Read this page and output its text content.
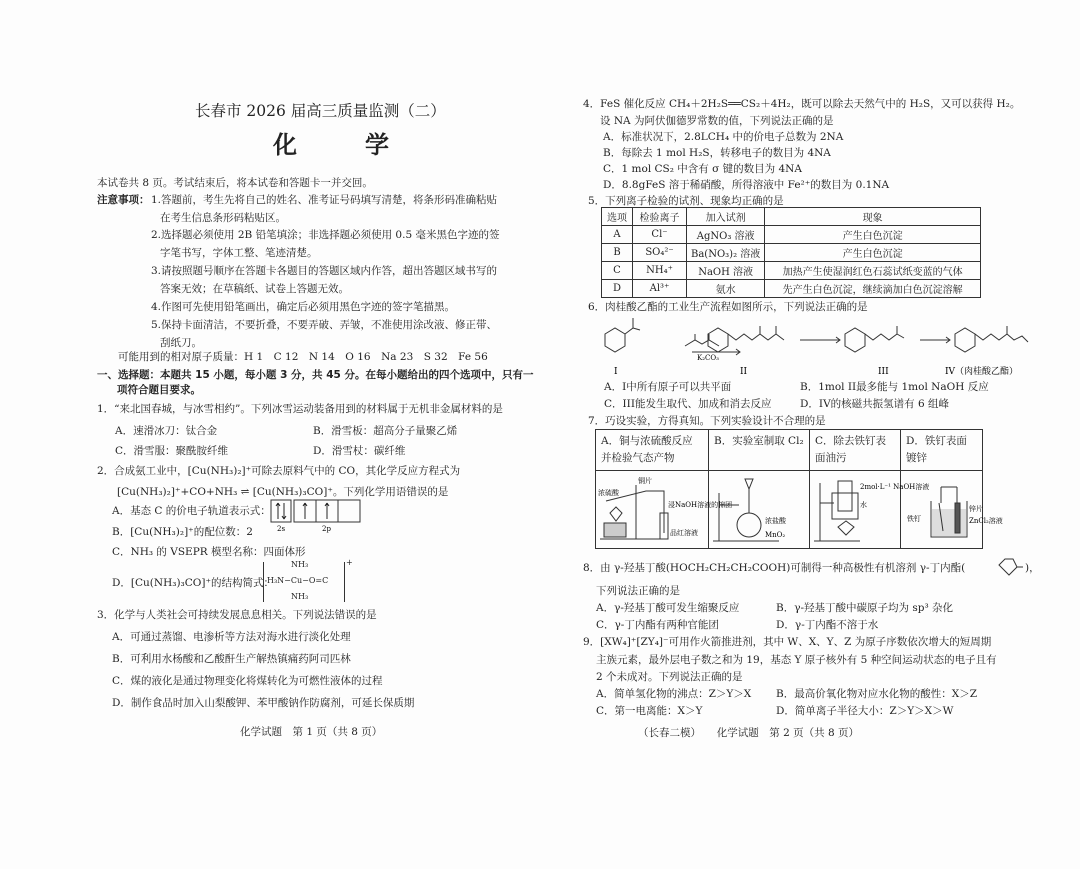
长春市 2026 届高三质量监测（二）
化　学
本试卷共 8 页。考试结束后，将本试卷和答题卡一并交回。
注意事项： 1.答题前，考生先将自己的姓名、准考证号码填写清楚，将条形码准确粘贴
在考生信息条形码粘贴区。
2.选择题必须使用 2B 铅笔填涂；非选择题必须使用 0.5 毫米黑色字迹的签
字笔书写，字体工整、笔迹清楚。
3.请按照题号顺序在答题卡各题目的答题区域内作答，超出答题区域书写的
答案无效；在草稿纸、试卷上答题无效。
4.作图可先使用铅笔画出，确定后必须用黑色字迹的签字笔描黑。
5.保持卡面清洁，不要折叠，不要弄破、弄皱，不准使用涂改液、修正带、
刮纸刀。
可能用到的相对原子质量：H 1　C 12　N 14　O 16　Na 23　S 32　Fe 56
一、选择题：本题共 15 小题，每小题 3 分，共 45 分。在每小题给出的四个选项中，只有一
项符合题目要求。
1．“来北国春城，与冰雪相约”。下列冰雪运动装备用到的材料属于无机非金属材料的是
A．速滑冰刀：钛合金	B．滑雪板：超高分子量聚乙烯
C．滑雪服：聚酰胺纤维	D．滑雪杖：碳纤维
2．合成氨工业中，[Cu(NH₃)₂]⁺可除去原料气中的 CO，其化学反应方程式为
[Cu(NH₃)₂]⁺+CO+NH₃ ⇌ [Cu(NH₃)₃CO]⁺。下列化学用语错误的是
A．基态 C 的价电子轨道表示式：
2s	2p
B．[Cu(NH₃)₂]⁺的配位数：2
C．NH₃ 的 VSEPR 模型名称：四面体形
D．[Cu(NH₃)₃CO]⁺的结构简式：
NH₃
H₃N−Cu−O=C
NH₃
+
3．化学与人类社会可持续发展息息相关。下列说法错误的是
A．可通过蒸馏、电渗析等方法对海水进行淡化处理
B．可利用水杨酸和乙酸酐生产解热镇痛药阿司匹林
C．煤的液化是通过物理变化将煤转化为可燃性液体的过程
D．制作食品时加入山梨酸钾、苯甲酸钠作防腐剂，可延长保质期
化学试题　第 1 页（共 8 页）
4．FeS 催化反应 CH₄＋2H₂S══CS₂＋4H₂，既可以除去天然气中的 H₂S，又可以获得 H₂。
设 NA 为阿伏伽德罗常数的值，下列说法正确的是
A．标准状况下，2.8LCH₄ 中的价电子总数为 2NA
B．每除去 1 mol H₂S，转移电子的数目为 4NA
C．1 mol CS₂ 中含有 σ 键的数目为 4NA
D．8.8gFeS 溶于稀硝酸，所得溶液中 Fe²⁺的数目为 0.1NA
5．下列离子检验的试剂、现象均正确的是
选项	检验离子	加入试剂	现象
A	Cl⁻	AgNO₃ 溶液	产生白色沉淀
B	SO₄²⁻	Ba(NO₃)₂ 溶液	产生白色沉淀
C	NH₄⁺	NaOH 溶液	加热产生使湿润红色石蕊试纸变蓝的气体
D	Al³⁺	氨水	先产生白色沉淀，继续滴加白色沉淀溶解
6．肉桂酸乙酯的工业生产流程如图所示，下列说法正确的是
K₂CO₃
I	II	III	IV（肉桂酸乙酯）
A．I中所有原子可以共平面	B．1mol II最多能与 1mol NaOH 反应
C．III能发生取代、加成和消去反应	D．IV的核磁共振氢谱有 6 组峰
7．巧设实验，方得真知。下列实验设计不合理的是
A．铜与浓硫酸反应并检验气态产物	B．实验室制取 Cl₂	C．除去铁钉表面油污	D．铁钉表面镀锌

浓硫酸
铜片
浸NaOH溶液的棉团
品红溶液	浓盐酸
MnO₂	2mol·L⁻¹ NaOH溶液
水	铁钉
锌片
ZnCl₂溶液
8．由 γ-羟基丁酸(HOCH₂CH₂CH₂COOH)可制得一种高极性有机溶剂 γ-丁内酯(	)，
下列说法正确的是
A．γ-羟基丁酸可发生缩聚反应	B．γ-羟基丁酸中碳原子均为 sp³ 杂化
C．γ-丁内酯有两种官能团	D．γ-丁内酯不溶于水
9．[XW₄]⁺[ZY₄]⁻可用作火箭推进剂，其中 W、X、Y、Z 为原子序数依次增大的短周期
主族元素，最外层电子数之和为 19，基态 Y 原子核外有 5 种空间运动状态的电子且有
2 个未成对。下列说法正确的是
A．简单氢化物的沸点：Z＞Y＞X B．最高价氧化物对应水化物的酸性：X＞Z
C．第一电离能：X＞Y	D．简单离子半径大小：Z＞Y＞X＞W
（长春二模）　　化学试题　第 2 页（共 8 页）
